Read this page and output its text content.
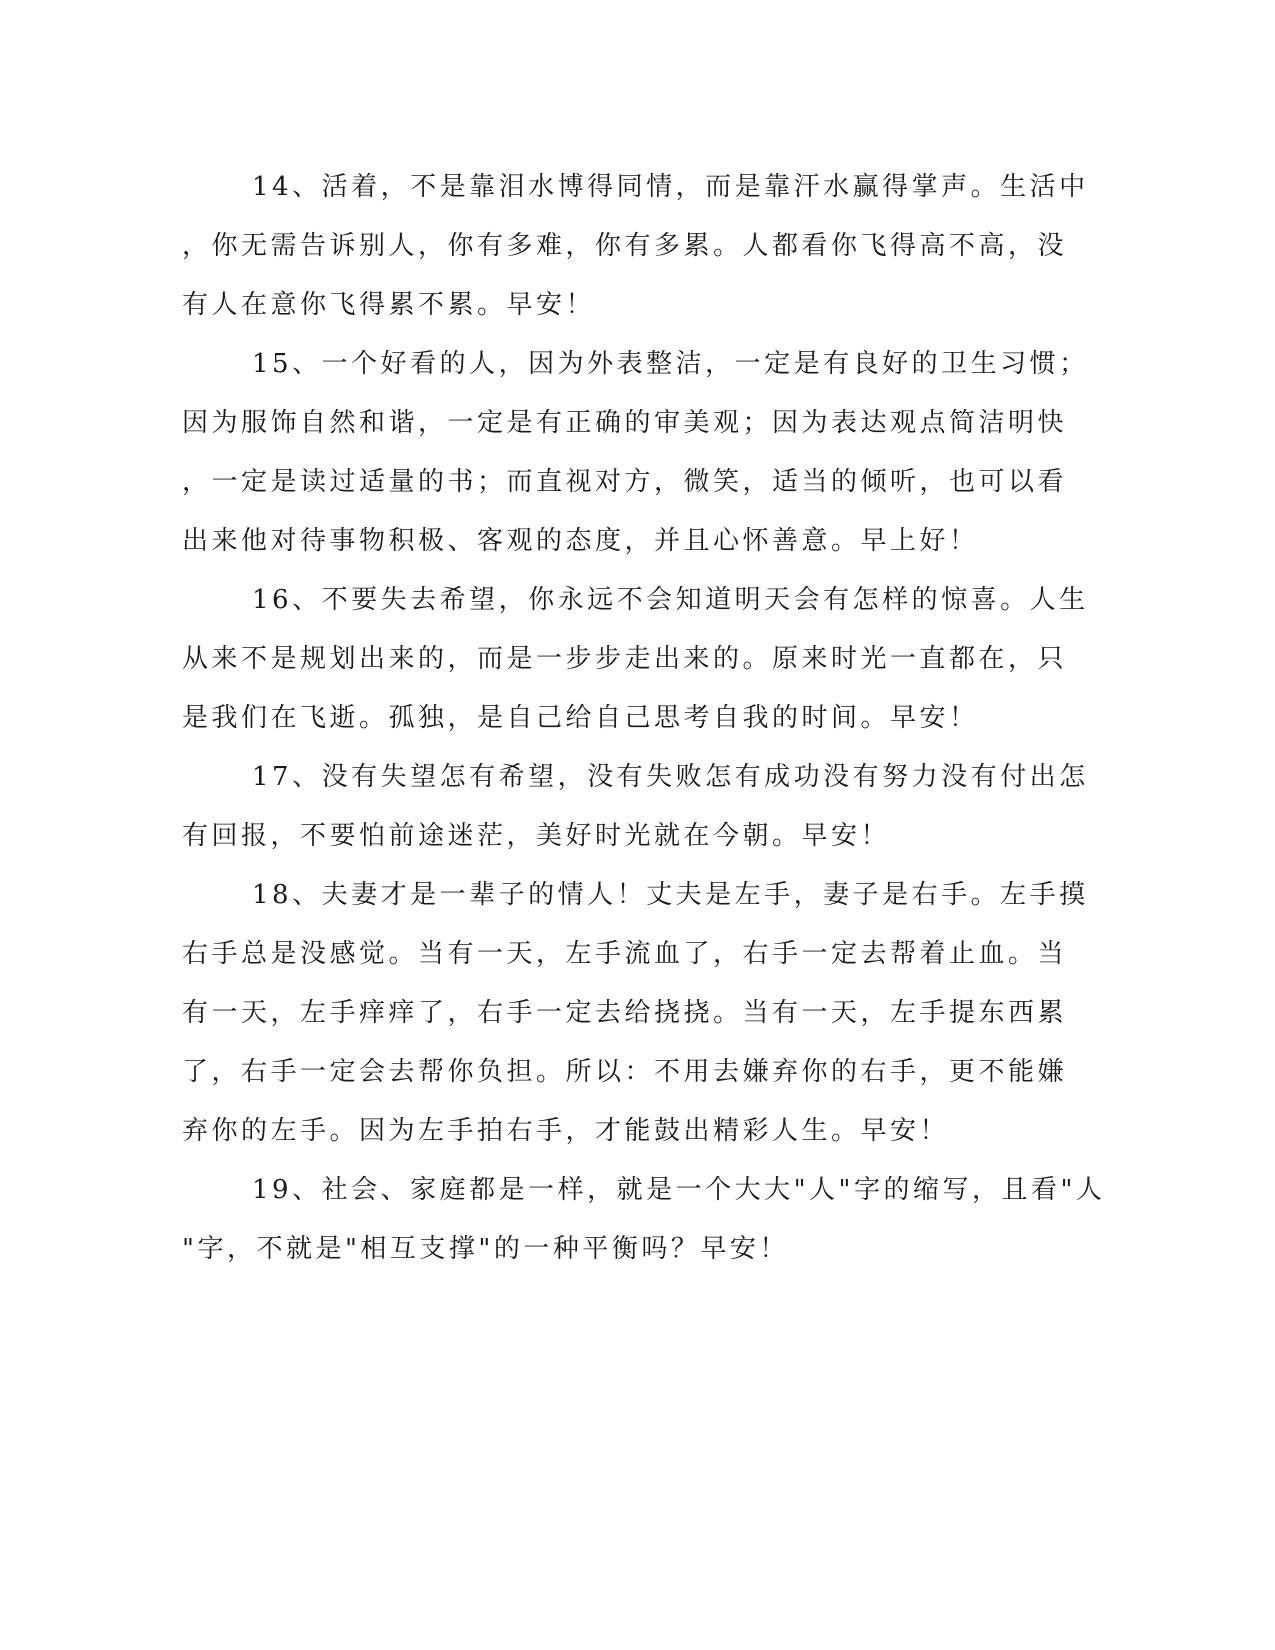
14、活着，不是靠泪水博得同情，而是靠汗水赢得掌声。生活中
，你无需告诉别人，你有多难，你有多累。人都看你飞得高不高，没
有人在意你飞得累不累。早安！
15、一个好看的人，因为外表整洁，一定是有良好的卫生习惯；
因为服饰自然和谐，一定是有正确的审美观；因为表达观点简洁明快
，一定是读过适量的书；而直视对方，微笑，适当的倾听，也可以看
出来他对待事物积极、客观的态度，并且心怀善意。早上好！
16、不要失去希望，你永远不会知道明天会有怎样的惊喜。人生
从来不是规划出来的，而是一步步走出来的。原来时光一直都在，只
是我们在飞逝。孤独，是自己给自己思考自我的时间。早安！
17、没有失望怎有希望，没有失败怎有成功没有努力没有付出怎
有回报，不要怕前途迷茫，美好时光就在今朝。早安！
18、夫妻才是一辈子的情人！丈夫是左手，妻子是右手。左手摸
右手总是没感觉。当有一天，左手流血了，右手一定去帮着止血。当
有一天，左手痒痒了，右手一定去给挠挠。当有一天，左手提东西累
了，右手一定会去帮你负担。所以：不用去嫌弃你的右手，更不能嫌
弃你的左手。因为左手拍右手，才能鼓出精彩人生。早安！
19、社会、家庭都是一样，就是一个大大"人"字的缩写，且看"人
"字，不就是"相互支撑"的一种平衡吗？早安！
